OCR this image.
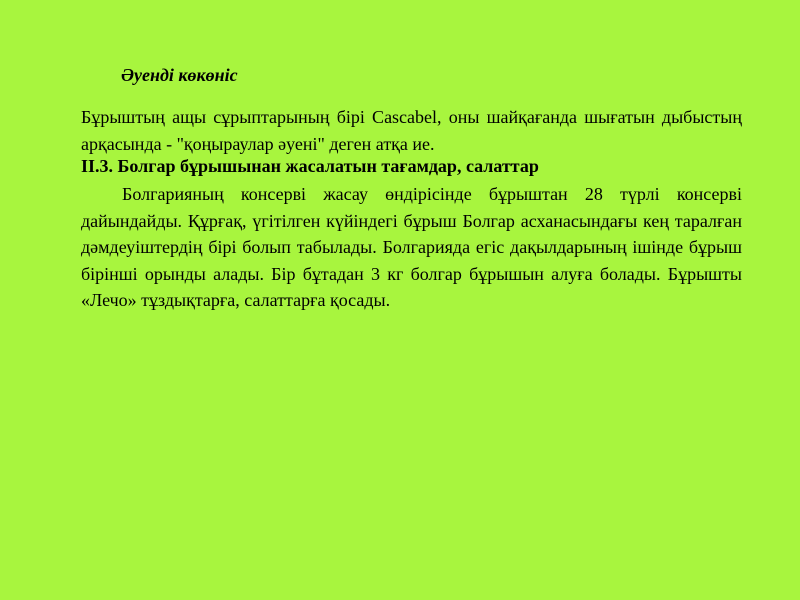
Әуенді көкөніс
Бұрыштың ащы сұрыптарының бірі Cascabel, оны шайқағанда шығатын дыбыстың арқасында - "қоңыраулар әуені" деген атқа ие.
II.3. Болгар бұрышынан жасалатын тағамдар, салаттар
Болгарияның консерві жасау өндірісінде бұрыштан 28 түрлі консерві дайындайды. Құрғақ, үгітілген күйіндегі бұрыш Болгар асханасындағы кең таралған дәмдеуіштердің бірі болып табылады. Болгарияда егіс дақылдарының ішінде бұрыш бірінші орынды алады. Бір бұтадан 3 кг болгар бұрышын алуға болады. Бұрышты «Лечо» тұздықтарға, салаттарға қосады.
